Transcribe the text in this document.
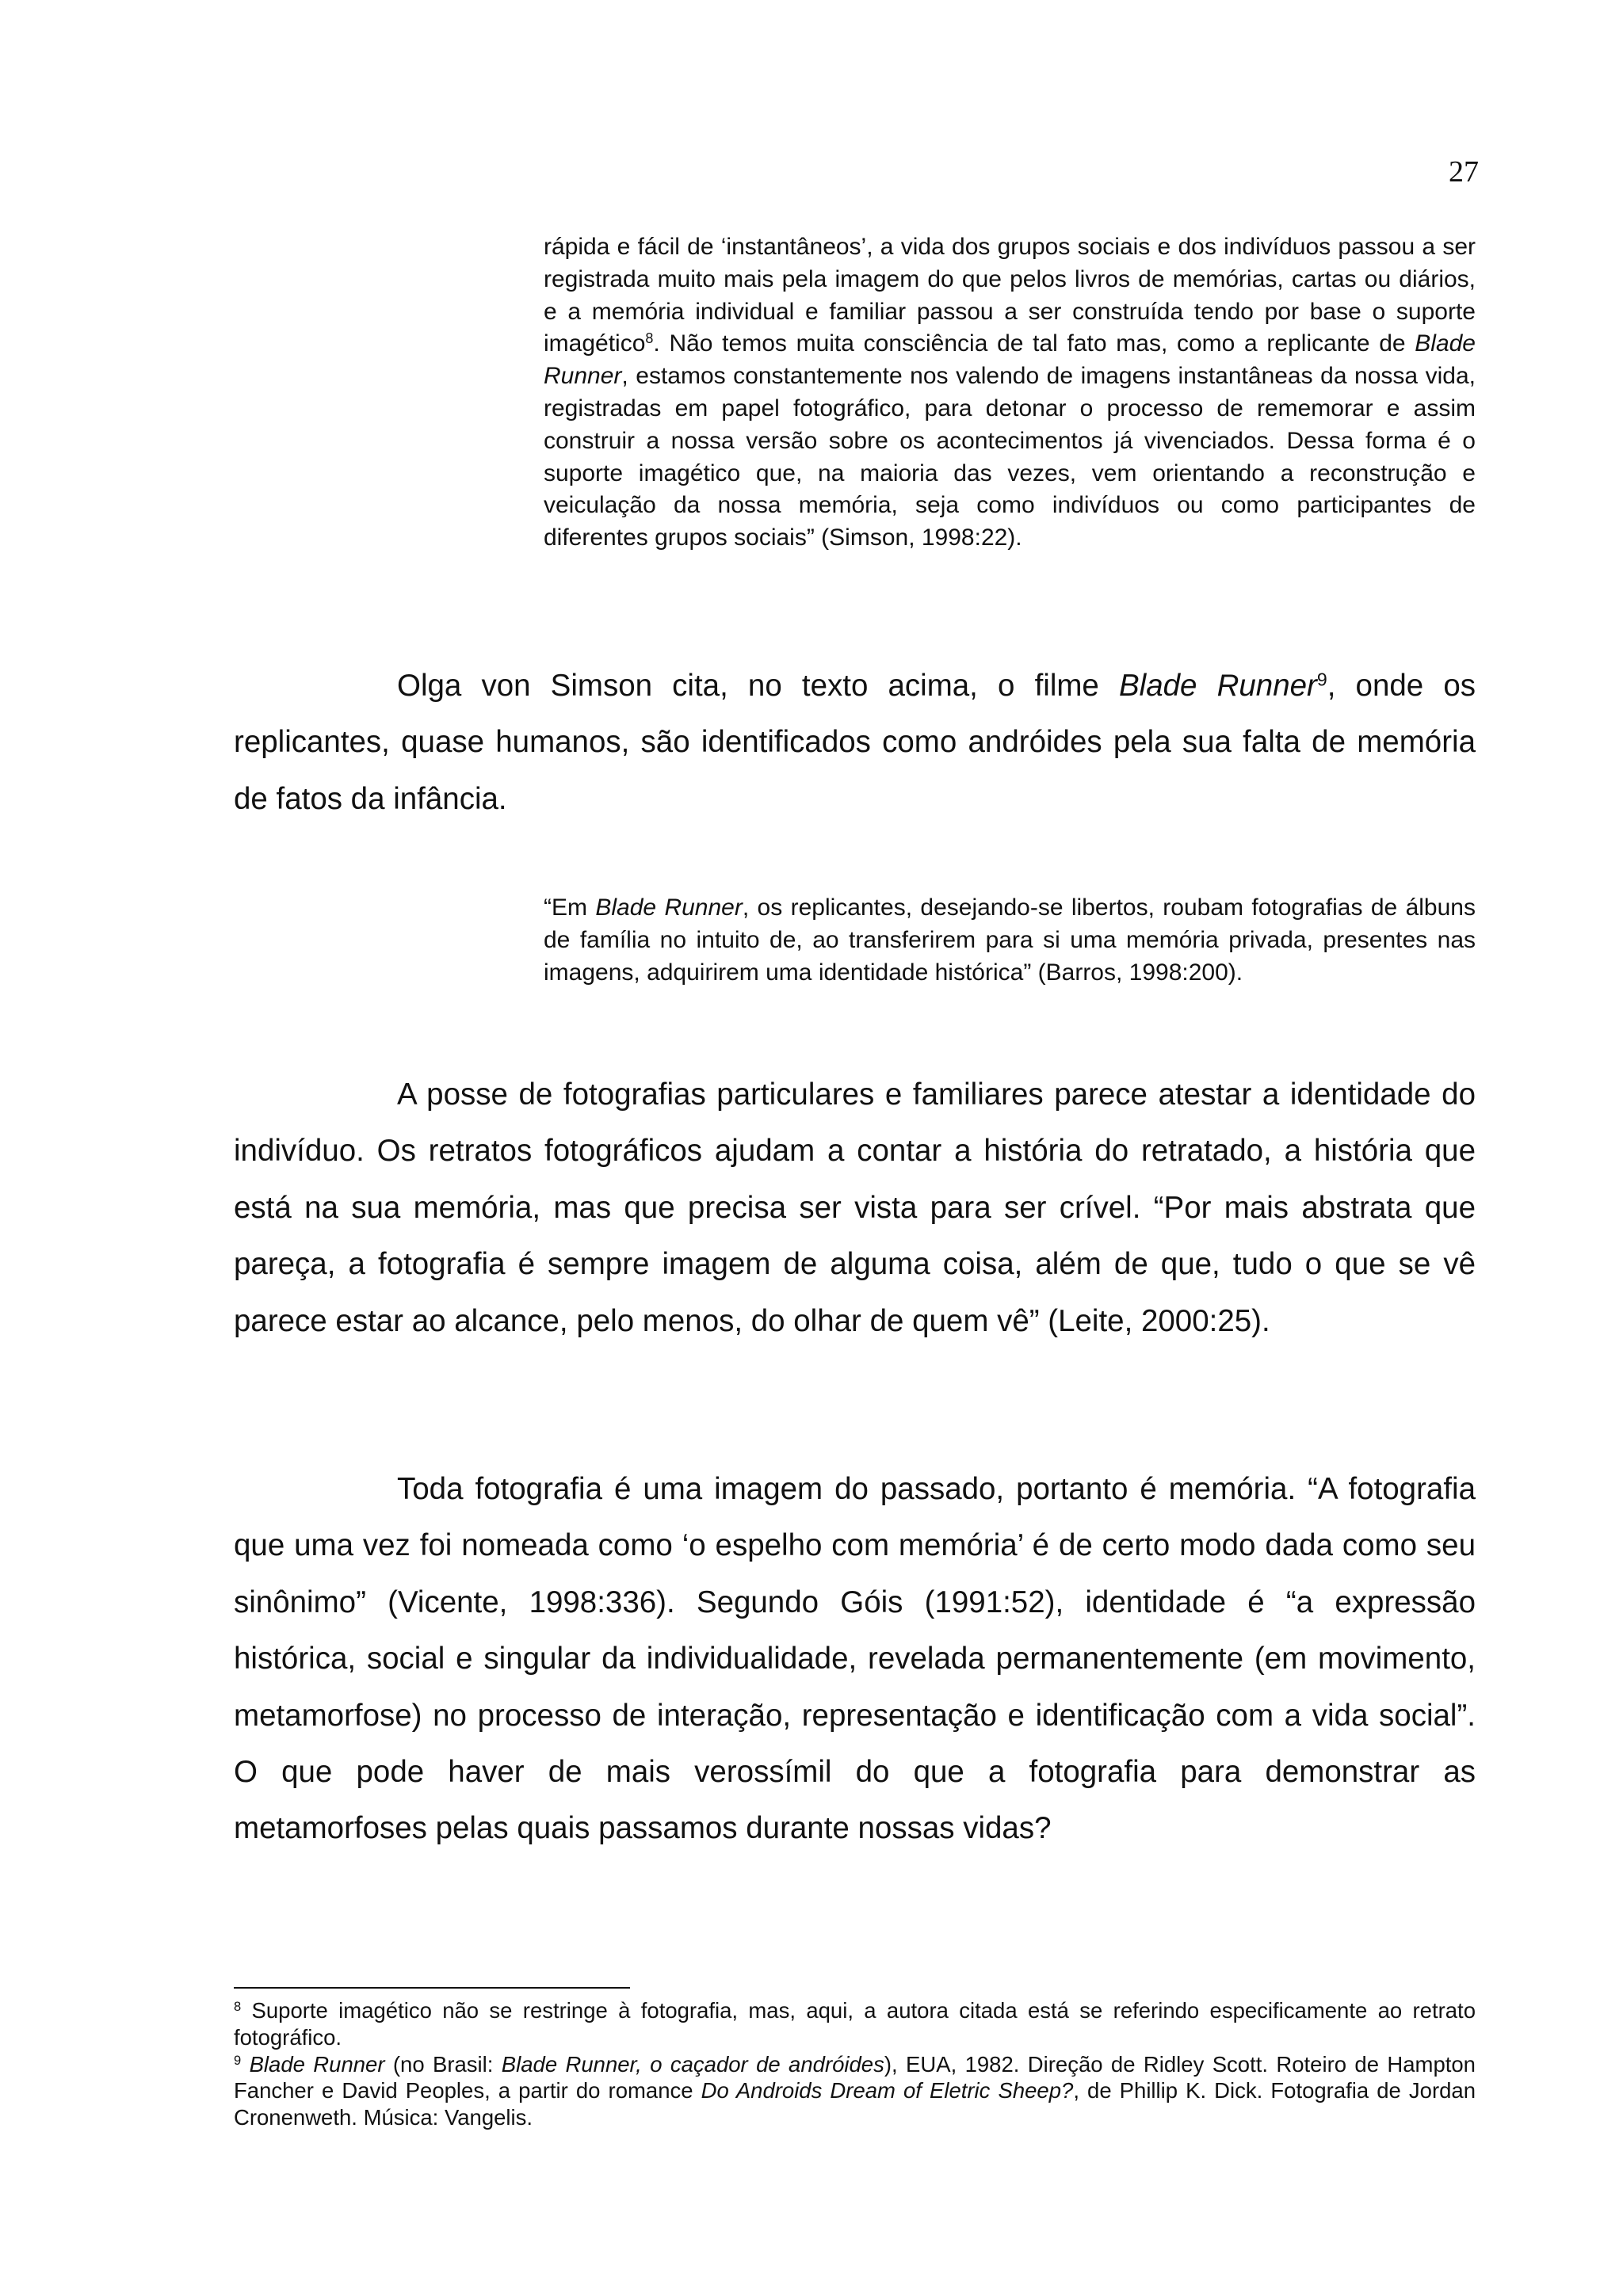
27

rápida e fácil de ‘instantâneos’, a vida dos grupos sociais e dos indivíduos passou a ser registrada muito mais pela imagem do que pelos livros de memórias, cartas ou diários, e a memória individual e familiar passou a ser construída tendo por base o suporte imagético$^8$. Não temos muita consciência de tal fato mas, como a replicante de Blade Runner, estamos constantemente nos valendo de imagens instantâneas da nossa vida, registradas em papel fotográfico, para detonar o processo de rememorar e assim construir a nossa versão sobre os acontecimentos já vivenciados. Dessa forma é o suporte imagético que, na maioria das vezes, vem orientando a reconstrução e veiculação da nossa memória, seja como indivíduos ou como participantes de diferentes grupos sociais” (Simson, 1998:22).

Olga von Simson cita, no texto acima, o filme Blade Runner$^9$, onde os replicantes, quase humanos, são identificados como andróides pela sua falta de memória de fatos da infância.

“Em Blade Runner, os replicantes, desejando-se libertos, roubam fotografias de álbuns de família no intuito de, ao transferirem para si uma memória privada, presentes nas imagens, adquirirem uma identidade histórica” (Barros, 1998:200).

A posse de fotografias particulares e familiares parece atestar a identidade do indivíduo. Os retratos fotográficos ajudam a contar a história do retratado, a história que está na sua memória, mas que precisa ser vista para ser crível. “Por mais abstrata que pareça, a fotografia é sempre imagem de alguma coisa, além de que, tudo o que se vê parece estar ao alcance, pelo menos, do olhar de quem vê” (Leite, 2000:25).

Toda fotografia é uma imagem do passado, portanto é memória. “A fotografia que uma vez foi nomeada como ‘o espelho com memória’ é de certo modo dada como seu sinônimo” (Vicente, 1998:336). Segundo Góis (1991:52), identidade é “a expressão histórica, social e singular da individualidade, revelada permanentemente (em movimento, metamorfose) no processo de interação, representação e identificação com a vida social”. O que pode haver de mais verossímil do que a fotografia para demonstrar as metamorfoses pelas quais passamos durante nossas vidas?

$^8$ Suporte imagético não se restringe à fotografia, mas, aqui, a autora citada está se referindo especificamente ao retrato fotográfico.

$^9$ Blade Runner (no Brasil: Blade Runner, o caçador de andróides), EUA, 1982. Direção de Ridley Scott. Roteiro de Hampton Fancher e David Peoples, a partir do romance Do Androids Dream of Eletric Sheep?, de Phillip K. Dick. Fotografia de Jordan Cronenweth. Música: Vangelis.
